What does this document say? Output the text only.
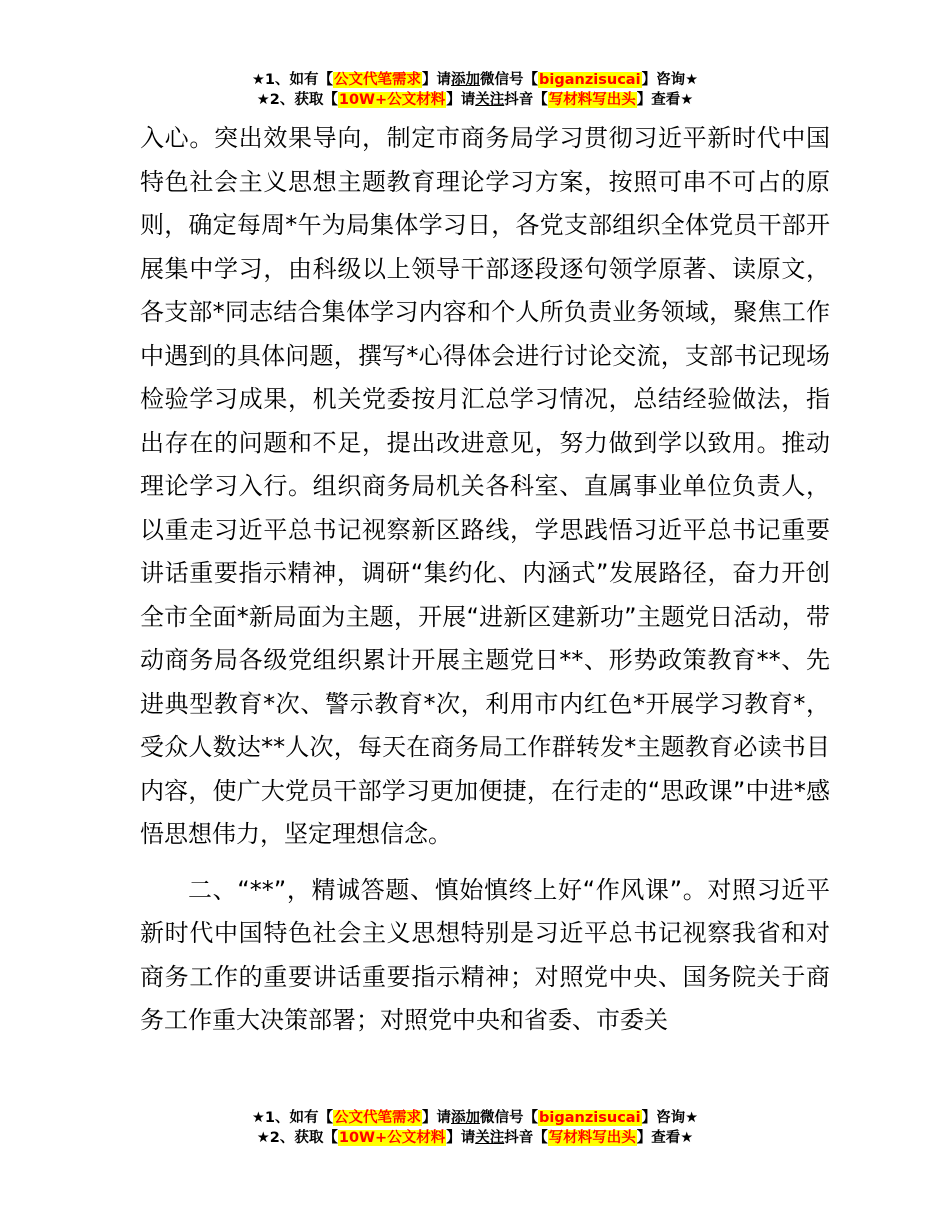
★1、如有【公文代笔需求】请添加微信号【biganzisucai】咨询★
★2、获取【10W+公文材料】请关注抖音【写材料写出头】查看★

入心。突出效果导向，制定市商务局学习贯彻习近平新时代中国特色社会主义思想主题教育理论学习方案，按照可串不可占的原则，确定每周*午为局集体学习日，各党支部组织全体党员干部开展集中学习，由科级以上领导干部逐段逐句领学原著、读原文，各支部*同志结合集体学习内容和个人所负责业务领域，聚焦工作中遇到的具体问题，撰写*心得体会进行讨论交流，支部书记现场检验学习成果，机关党委按月汇总学习情况，总结经验做法，指出存在的问题和不足，提出改进意见，努力做到学以致用。推动理论学习入行。组织商务局机关各科室、直属事业单位负责人，以重走习近平总书记视察新区路线，学思践悟习近平总书记重要讲话重要指示精神，调研“集约化、内涵式”发展路径，奋力开创全市全面*新局面为主题，开展“进新区建新功”主题党日活动，带动商务局各级党组织累计开展主题党日**、形势政策教育**、先进典型教育*次、警示教育*次，利用市内红色*开展学习教育*，受众人数达**人次，每天在商务局工作群转发*主题教育必读书目内容，使广大党员干部学习更加便捷，在行走的“思政课”中进*感悟思想伟力，坚定理想信念。

二、“**”，精诚答题、慎始慎终上好“作风课”。对照习近平新时代中国特色社会主义思想特别是习近平总书记视察我省和对商务工作的重要讲话重要指示精神；对照党中央、国务院关于商务工作重大决策部署；对照党中央和省委、市委关

★1、如有【公文代笔需求】请添加微信号【biganzisucai】咨询★
★2、获取【10W+公文材料】请关注抖音【写材料写出头】查看★
